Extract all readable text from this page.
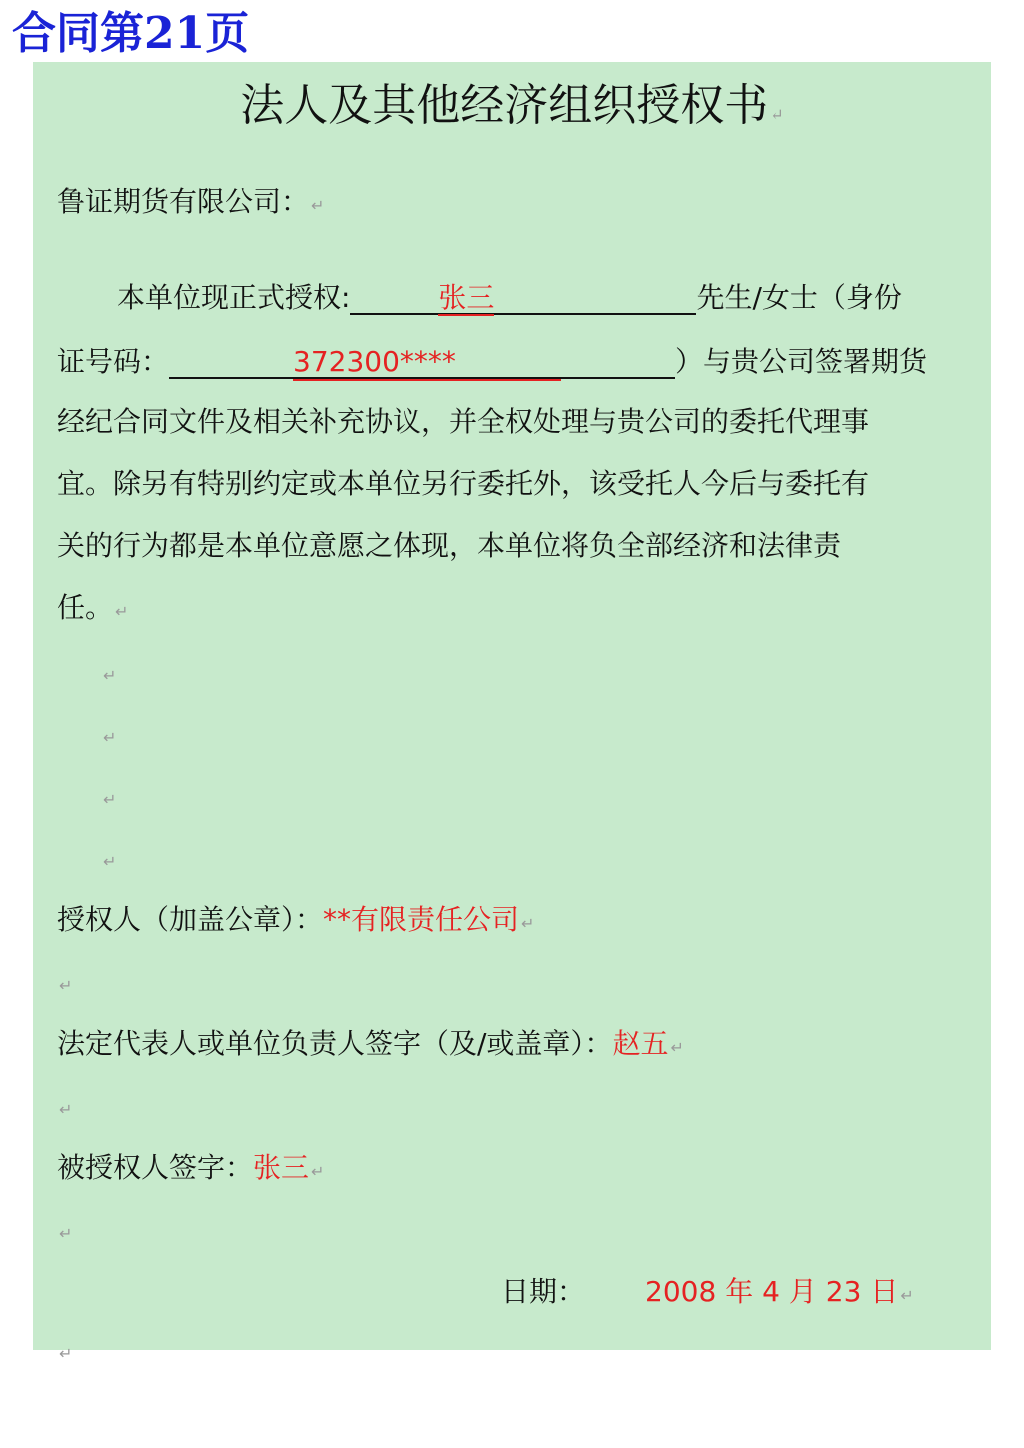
合同第21页
法人及其他经济组织授权书 ↵
鲁证期货有限公司： ↵
本单位现正式授权:	张三	先生/女士（身份
证号码：	372300****	）与贵公司签署期货
经纪合同文件及相关补充协议，并全权处理与贵公司的委托代理事
宜。除另有特别约定或本单位另行委托外，该受托人今后与委托有
关的行为都是本单位意愿之体现，本单位将负全部经济和法律责
任。 ↵
↵
↵
↵
↵
授权人（加盖公章）：**有限责任公司 ↵
↵
法定代表人或单位负责人签字（及/或盖章）：赵五 ↵
↵
被授权人签字：张三 ↵
↵
日期： 2008 年 4 月 23 日 ↵
↵
